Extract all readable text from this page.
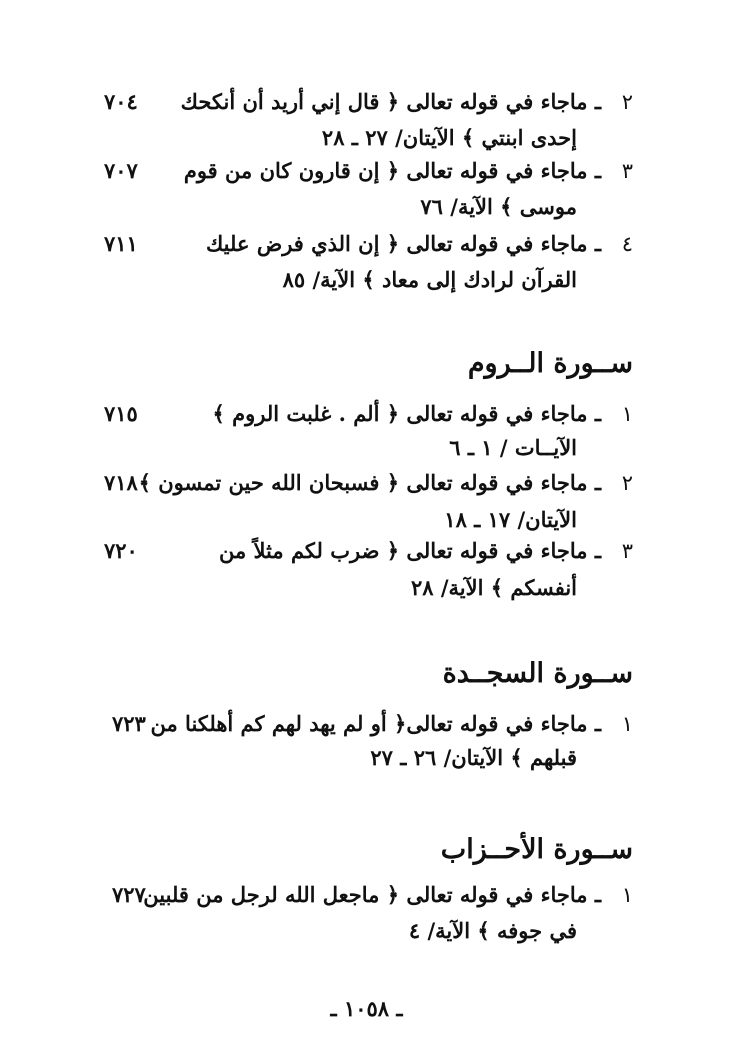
٢
ـ ماجاء في قوله تعالى ﴿ قال إني أريد أن أنكحك
إحدى ابنتي ﴾ الآيتان/ ٢٧ ـ ٢٨
٧٠٤
٣
ـ ماجاء في قوله تعالى ﴿ إن قارون كان من قوم
موسى ﴾ الآية/ ٧٦
٧٠٧
٤
ـ ماجاء في قوله تعالى ﴿ إن الذي فرض عليك
القرآن لرادك إلى معاد ﴾ الآية/ ٨٥
٧١١
ســورة الــروم
١
ـ ماجاء في قوله تعالى ﴿ ألم . غلبت الروم ﴾
الآيــات / ١ ـ ٦
٧١٥
٢
ـ ماجاء في قوله تعالى ﴿ فسبحان الله حين تمسون ﴾
الآيتان/ ١٧ ـ ١٨
٧١٨
٣
ـ ماجاء في قوله تعالى ﴿ ضرب لكم مثلاً من
أنفسكم ﴾ الآية/ ٢٨
٧٢٠
ســورة السجــدة
١
ـ ماجاء في قوله تعالى﴿ أو لم يهد لهم كم أهلكنا من
قبلهم ﴾ الآيتان/ ٢٦ ـ ٢٧
٧٢٣
ســورة الأحــزاب
١
ـ ماجاء في قوله تعالى ﴿ ماجعل الله لرجل من قلبين
في جوفه ﴾ الآية/ ٤
٧٢٧
ـ ١٠٥٨ ـ
